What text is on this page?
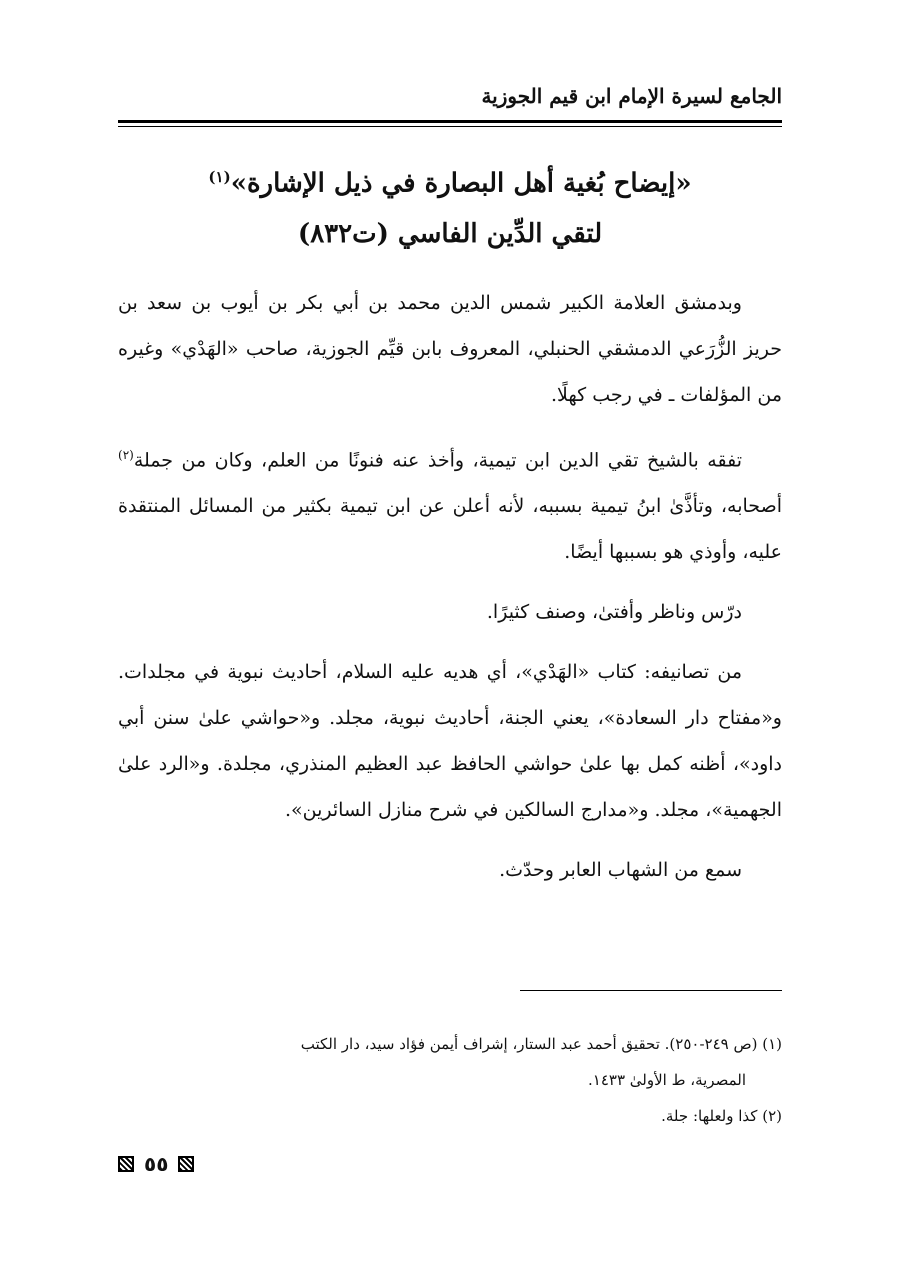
الجامع لسيرة الإمام ابن قيم الجوزية
«إيضاح بُغية أهل البصارة في ذيل الإشارة»$^{(١)}$
لتقي الدِّين الفاسي (ت٨٣٢)

وبدمشق العلامة الكبير شمس الدين محمد بن أبي بكر بن أيوب بن سعد بن حريز الزُّرَعي الدمشقي الحنبلي، المعروف بابن قيِّم الجوزية، صاحب «الهَدْي» وغيره من المؤلفات ـ في رجب كهلًا.

تفقه بالشيخ تقي الدين ابن تيمية، وأخذ عنه فنونًا من العلم، وكان من جملة$^{(٢)}$ أصحابه، وتأذَّىٰ ابنُ تيمية بسببه، لأنه أعلن عن ابن تيمية بكثير من المسائل المنتقدة عليه، وأوذي هو بسببها أيضًا.

درّس وناظر وأفتىٰ، وصنف كثيرًا.

من تصانيفه: كتاب «الهَدْي»، أي هديه عليه السلام، أحاديث نبوية في مجلدات. و«مفتاح دار السعادة»، يعني الجنة، أحاديث نبوية، مجلد. و«حواشي علىٰ سنن أبي داود»، أظنه كمل بها علىٰ حواشي الحافظ عبد العظيم المنذري، مجلدة. و«الرد علىٰ الجهمية»، مجلد. و«مدارج السالكين في شرح منازل السائرين».

سمع من الشهاب العابر وحدّث.

(١) (ص ٢٤٩-٢٥٠). تحقيق أحمد عبد الستار، إشراف أيمن فؤاد سيد، دار الكتب

المصرية، ط الأولىٰ ١٤٣٣.

(٢) كذا ولعلها: جلة.

٥٥
